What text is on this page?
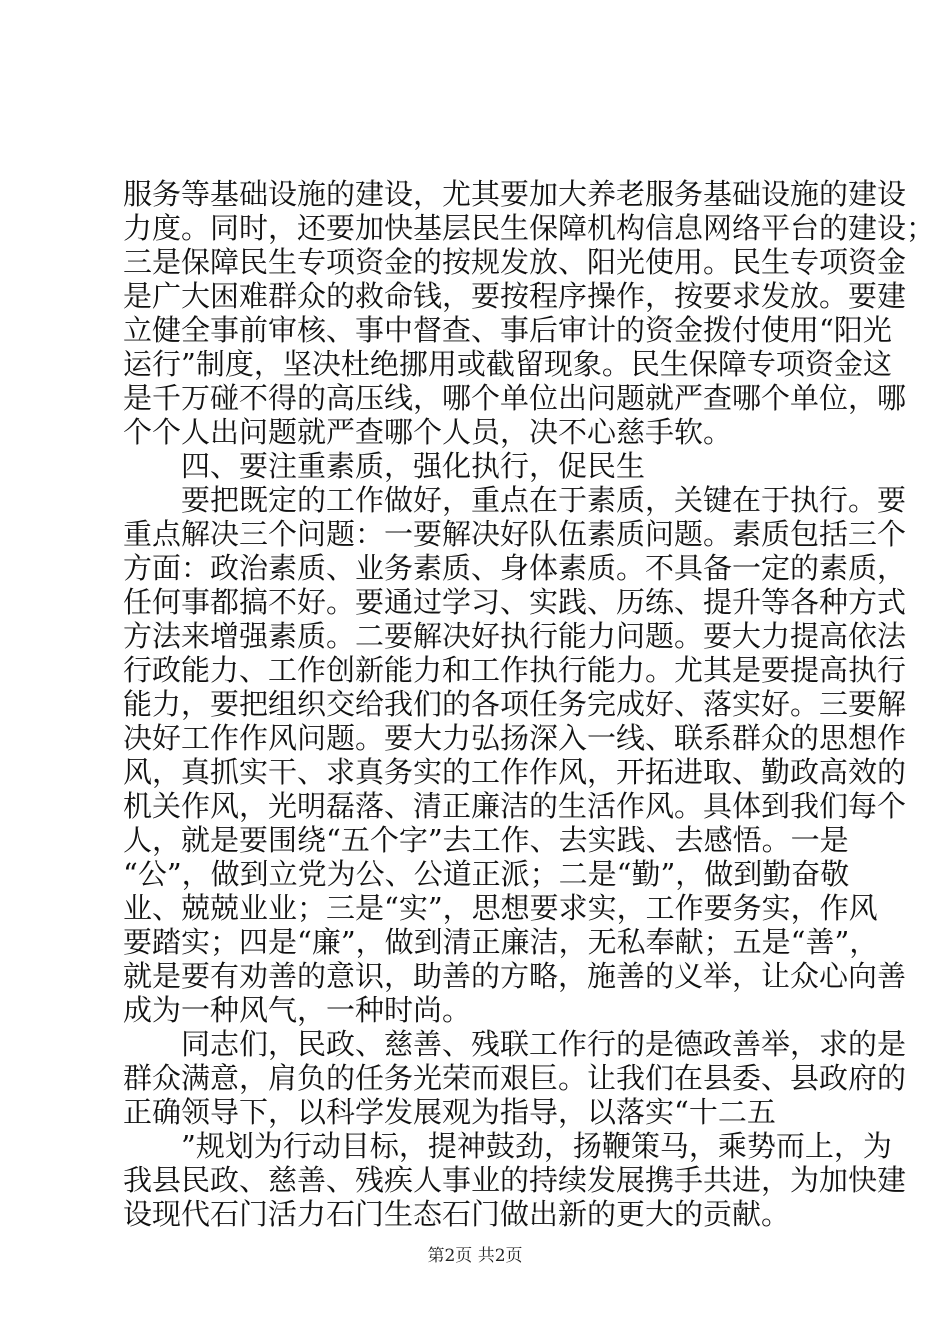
服务等基础设施的建设，尤其要加大养老服务基础设施的建设
力度。同时，还要加快基层民生保障机构信息网络平台的建设；
三是保障民生专项资金的按规发放、阳光使用。民生专项资金
是广大困难群众的救命钱，要按程序操作，按要求发放。要建
立健全事前审核、事中督查、事后审计的资金拨付使用“阳光
运行”制度，坚决杜绝挪用或截留现象。民生保障专项资金这
是千万碰不得的高压线，哪个单位出问题就严查哪个单位，哪
个个人出问题就严查哪个人员，决不心慈手软。
四、要注重素质，强化执行，促民生
要把既定的工作做好，重点在于素质，关键在于执行。要
重点解决三个问题：一要解决好队伍素质问题。素质包括三个
方面：政治素质、业务素质、身体素质。不具备一定的素质，
任何事都搞不好。要通过学习、实践、历练、提升等各种方式
方法来增强素质。二要解决好执行能力问题。要大力提高依法
行政能力、工作创新能力和工作执行能力。尤其是要提高执行
能力，要把组织交给我们的各项任务完成好、落实好。三要解
决好工作作风问题。要大力弘扬深入一线、联系群众的思想作
风，真抓实干、求真务实的工作作风，开拓进取、勤政高效的
机关作风，光明磊落、清正廉洁的生活作风。具体到我们每个
人，就是要围绕“五个字”去工作、去实践、去感悟。一是
“公”，做到立党为公、公道正派；二是“勤”，做到勤奋敬
业、兢兢业业；三是“实”，思想要求实，工作要务实，作风
要踏实；四是“廉”，做到清正廉洁，无私奉献；五是“善”，
就是要有劝善的意识，助善的方略，施善的义举，让众心向善
成为一种风气，一种时尚。
同志们，民政、慈善、残联工作行的是德政善举，求的是
群众满意，肩负的任务光荣而艰巨。让我们在县委、县政府的
正确领导下，以科学发展观为指导，以落实“十二五
”规划为行动目标，提神鼓劲，扬鞭策马，乘势而上，为
我县民政、慈善、残疾人事业的持续发展携手共进，为加快建
设现代石门活力石门生态石门做出新的更大的贡献。
第2页 共2页
